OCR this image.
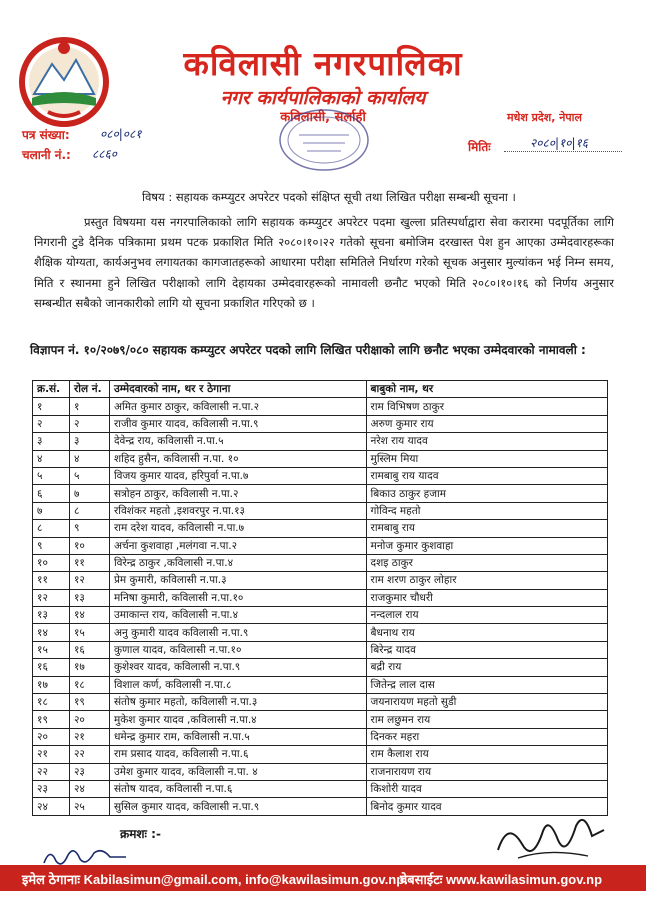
कविलासी नगरपालिका
नगर कार्यपालिकाको कार्यालय
कविलासी, सर्लाही	मधेश प्रदेश, नेपाल
पत्र संख्या:	०८०|०८१
चलानी नं.: ८८६०	मितिः	२०८०|१०|१६
विषय : सहायक कम्प्युटर अपरेटर पदको संक्षिप्त सूची तथा लिखित परीक्षा सम्बन्धी सूचना ।
प्रस्तुत विषयमा यस नगरपालिकाको लागि सहायक कम्प्युटर अपरेटर पदमा खुल्ला प्रतिस्पर्धाद्वारा सेवा करारमा पदपूर्तिका लागि निगरानी टुडे दैनिक पत्रिकामा प्रथम पटक प्रकाशित मिति २०८०।१०।२२ गतेको सूचना बमोजिम दरखास्त पेश हुन आएका उम्मेदवारहरूका शैक्षिक योग्यता, कार्यअनुभव लगायतका कागजातहरूको आधारमा परीक्षा समितिले निर्धारण गरेको सूचक अनुसार मुल्यांकन भई निम्न समय, मिति र स्थानमा हुने लिखित परीक्षाको लागि देहायका उम्मेदवारहरूको नामावली छनौट भएको मिति २०८०।१०।१६ को निर्णय अनुसार सम्बन्धीत सबैको जानकारीको लागि यो सूचना प्रकाशित गरिएको छ ।
विज्ञापन नं. १०/२०७९/०८० सहायक कम्प्युटर अपरेटर पदको लागि लिखित परीक्षाको लागि छनौट भएका उम्मेदवारको नामावली :
क्र.सं.	रोल नं.	उम्मेदवारको नाम, थर र ठेगाना	बाबुको नाम, थर
१	१	अमित कुमार ठाकुर, कविलासी न.पा.२	राम विभिषण ठाकुर
२	२	राजीव कुमार यादव, कविलासी न.पा.९	अरुण कुमार राय
३	३	देवेन्द्र राय, कविलासी न.पा.५	नरेश राय यादव
४	४	शहिद हुसैन, कविलासी न.पा. १०	मुस्लिम मिया
५	५	विजय कुमार यादव, हरिपुर्वा न.पा.७	रामबाबु राय यादव
६	७	सत्रोहन ठाकुर, कविलासी न.पा.२	बिकाउ ठाकुर हजाम
७	८	रविशंकर महतो ,इशवरपुर न.पा.१३	गोविन्द महतो
८	९	राम दरेश यादव, कविलासी न.पा.७	रामबाबु राय
९	१०	अर्चना कुशवाहा ,मलंगवा न.पा.२	मनोज कुमार कुशवाहा
१०	११	विरेन्द्र ठाकुर ,कविलासी न.पा.४	दशइ ठाकुर
११	१२	प्रेम कुमारी, कविलासी न.पा.३	राम शरण ठाकुर लोहार
१२	१३	मनिषा कुमारी, कविलासी न.पा.१०	राजकुमार चौधरी
१३	१४	उमाकान्त राय, कविलासी न.पा.४	नन्दलाल राय
१४	१५	अनु कुमारी यादव कविलासी न.पा.९	बैधनाथ राय
१५	१६	कुणाल यादव, कविलासी न.पा.१०	बिरेन्द्र यादव
१६	१७	कुशेश्वर यादव, कविलासी न.पा.९	बद्री राय
१७	१८	विशाल कर्ण, कविलासी न.पा.८	जितेन्द्र लाल दास
१८	१९	संतोष कुमार महतो, कविलासी न.पा.३	जयनारायण महतो सुडी
१९	२०	मुकेश कुमार यादव ,कविलासी न.पा.४	राम लछुमन राय
२०	२१	धमेन्द्र कुमार राम, कविलासी न.पा.५	दिनकर महरा
२१	२२	राम प्रसाद यादव, कविलासी न.पा.६	राम कैलाश राय
२२	२३	उमेश कुमार यादव, कविलासी न.पा. ४	राजनारायण राय
२३	२४	संतोष यादव, कविलासी न.पा.६	किशोरी यादव
२४	२५	सुसिल कुमार यादव, कविलासी न.पा.९	बिनोद कुमार यादव
क्रमशः :-
इमेल ठेगानाः Kabilasimun@gmail.com, info@kawilasimun.gov.np.
वेबसाईटः www.kawilasimun.gov.np
